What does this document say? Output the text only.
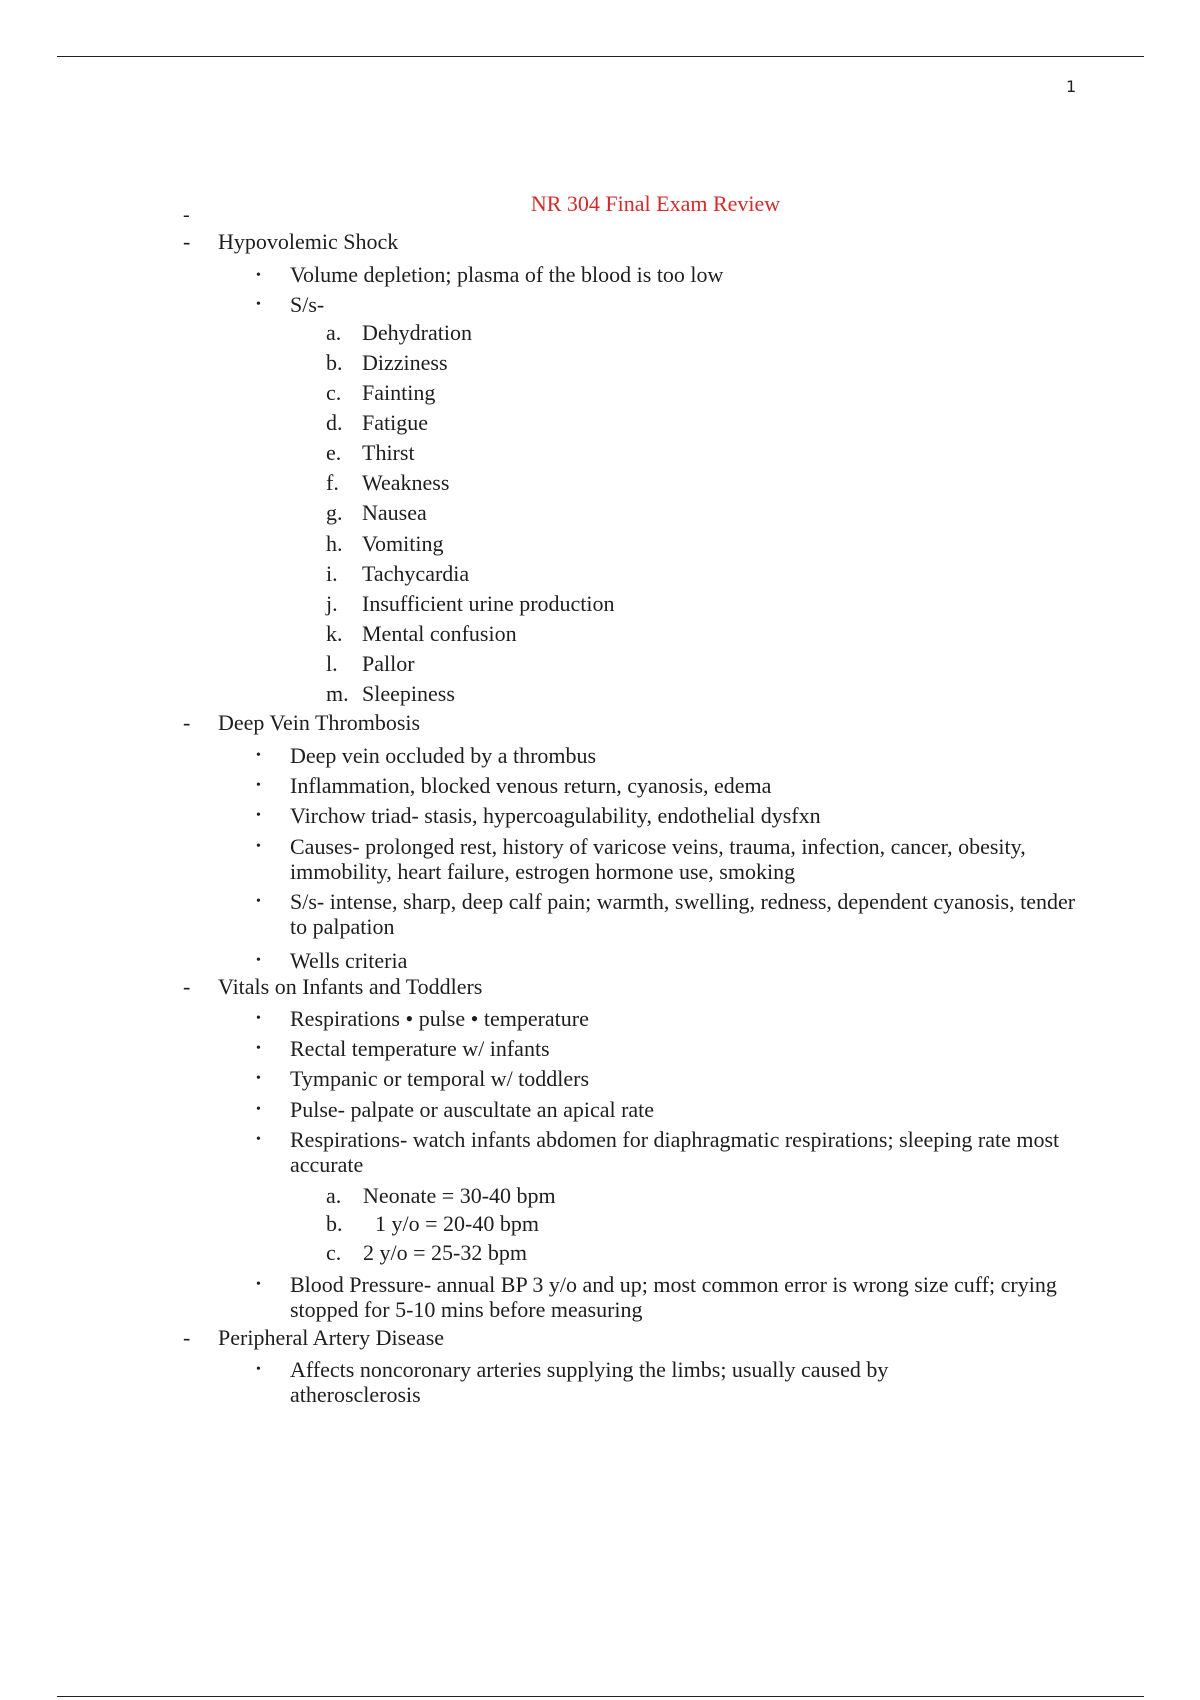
1
NR 304 Final Exam Review
-
- Hypovolemic Shock
• Volume depletion; plasma of the blood is too low
• S/s-
a. Dehydration
b. Dizziness
c. Fainting
d. Fatigue
e. Thirst
f. Weakness
g. Nausea
h. Vomiting
i. Tachycardia
j. Insufficient urine production
k. Mental confusion
l. Pallor
m. Sleepiness
- Deep Vein Thrombosis
• Deep vein occluded by a thrombus
• Inflammation, blocked venous return, cyanosis, edema
• Virchow triad- stasis, hypercoagulability, endothelial dysfxn
• Causes- prolonged rest, history of varicose veins, trauma, infection, cancer, obesity, immobility, heart failure, estrogen hormone use, smoking
• S/s- intense, sharp, deep calf pain; warmth, swelling, redness, dependent cyanosis, tender to palpation
• Wells criteria
- Vitals on Infants and Toddlers
• Respirations • pulse • temperature
• Rectal temperature w/ infants
• Tympanic or temporal w/ toddlers
• Pulse- palpate or auscultate an apical rate
• Respirations- watch infants abdomen for diaphragmatic respirations; sleeping rate most accurate
a. Neonate = 30-40 bpm
b. 1 y/o = 20-40 bpm
c. 2 y/o = 25-32 bpm
• Blood Pressure- annual BP 3 y/o and up; most common error is wrong size cuff; crying stopped for 5-10 mins before measuring
- Peripheral Artery Disease
• Affects noncoronary arteries supplying the limbs; usually caused by atherosclerosis
